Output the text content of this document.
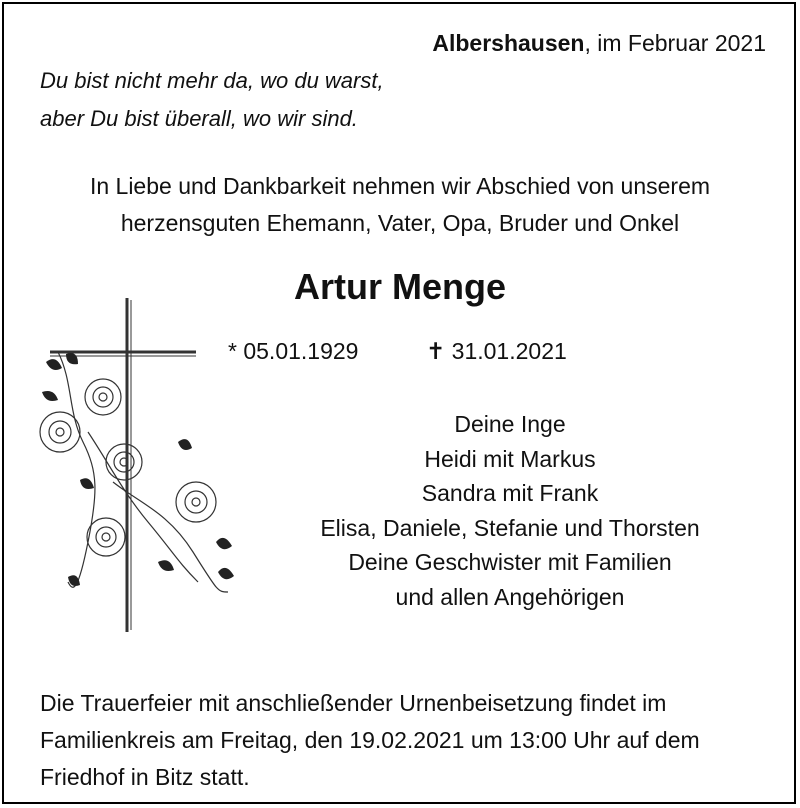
Albershausen, im Februar 2021
Du bist nicht mehr da, wo du warst,
aber Du bist überall, wo wir sind.
In Liebe und Dankbarkeit nehmen wir Abschied von unserem
herzensguten Ehemann, Vater, Opa, Bruder und Onkel
Artur Menge
* 05.01.1929	✝ 31.01.2021
Deine Inge
Heidi mit Markus
Sandra mit Frank
Elisa, Daniele, Stefanie und Thorsten
Deine Geschwister mit Familien
und allen Angehörigen
Die Trauerfeier mit anschließender Urnenbeisetzung findet im
Familienkreis am Freitag, den 19.02.2021 um 13:00 Uhr auf dem
Friedhof in Bitz statt.
